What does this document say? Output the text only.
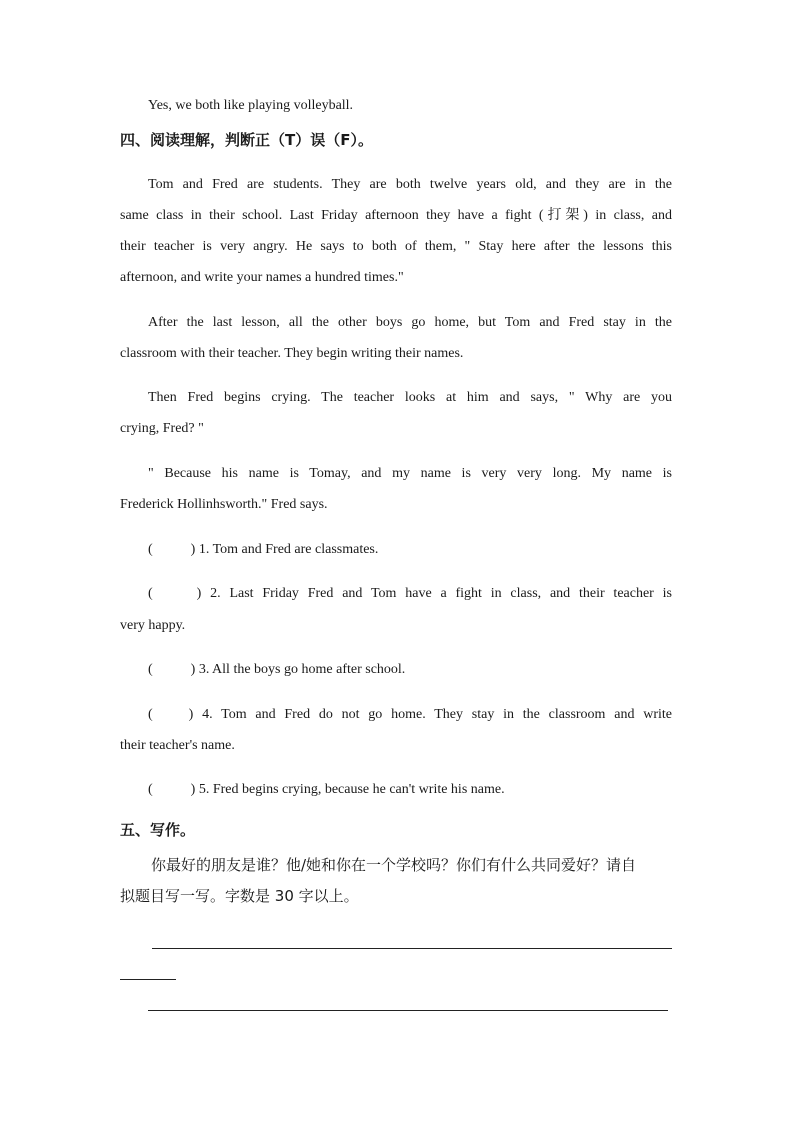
Yes, we both like playing volleyball.

四、阅读理解，判断正（T）误（F）。

Tom and Fred are students. They are both twelve years old, and they are in the

same class in their school. Last Friday afternoon they have a fight (打架) in class, and

their teacher is very angry. He says to both of them, " Stay here after the lessons this

afternoon, and write your names a hundred times."

After the last lesson, all the other boys go home, but Tom and Fred stay in the

classroom with their teacher. They begin writing their names.

Then Fred begins crying. The teacher looks at him and says, " Why are you

crying, Fred? "

" Because his name is Tomay, and my name is very very long. My name is

Frederick Hollinhsworth." Fred says.

(	) 1. Tom and Fred are classmates.
(	) 2. Last Friday Fred and Tom have a fight in class, and their teacher is

very happy.

(	) 3. All the boys go home after school.
(	) 4. Tom and Fred do not go home. They stay in the classroom and write

their teacher's name.

(	) 5. Fred begins crying, because he can't write his name.

五、写作。

你最好的朋友是谁？他/她和你在一个学校吗？你们有什么共同爱好？请自

拟题目写一写。字数是 30 字以上。
